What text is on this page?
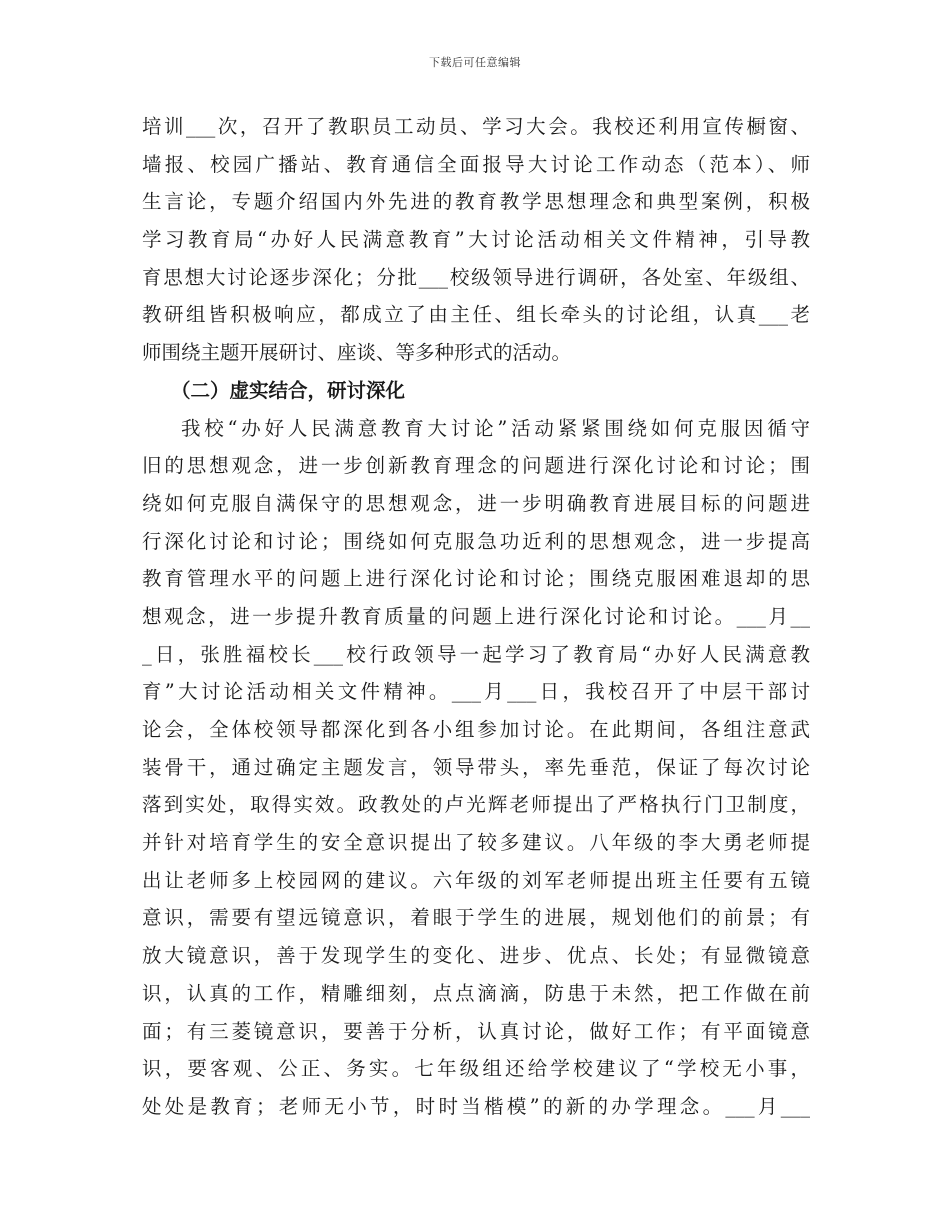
下载后可任意编辑
培训___次，召开了教职员工动员、学习大会。我校还利用宣传橱窗、
墙报、校园广播站、教育通信全面报导大讨论工作动态（范本）、师
生言论，专题介绍国内外先进的教育教学思想理念和典型案例，积极
学习教育局“办好人民满意教育”大讨论活动相关文件精神，引导教
育思想大讨论逐步深化；分批___校级领导进行调研，各处室、年级组、
教研组皆积极响应，都成立了由主任、组长牵头的讨论组，认真___老
师围绕主题开展研讨、座谈、等多种形式的活动。
（二）虚实结合，研讨深化
我校“办好人民满意教育大讨论”活动紧紧围绕如何克服因循守
旧的思想观念，进一步创新教育理念的问题进行深化讨论和讨论；围
绕如何克服自满保守的思想观念，进一步明确教育进展目标的问题进
行深化讨论和讨论；围绕如何克服急功近利的思想观念，进一步提高
教育管理水平的问题上进行深化讨论和讨论；围绕克服困难退却的思
想观念，进一步提升教育质量的问题上进行深化讨论和讨论。___月__
_日，张胜福校长___校行政领导一起学习了教育局“办好人民满意教
育”大讨论活动相关文件精神。___月___日，我校召开了中层干部讨
论会，全体校领导都深化到各小组参加讨论。在此期间，各组注意武
装骨干，通过确定主题发言，领导带头，率先垂范，保证了每次讨论
落到实处，取得实效。政教处的卢光辉老师提出了严格执行门卫制度，
并针对培育学生的安全意识提出了较多建议。八年级的李大勇老师提
出让老师多上校园网的建议。六年级的刘军老师提出班主任要有五镜
意识，需要有望远镜意识，着眼于学生的进展，规划他们的前景；有
放大镜意识，善于发现学生的变化、进步、优点、长处；有显微镜意
识，认真的工作，精雕细刻，点点滴滴，防患于未然，把工作做在前
面；有三菱镜意识，要善于分析，认真讨论，做好工作；有平面镜意
识，要客观、公正、务实。七年级组还给学校建议了“学校无小事，
处处是教育；老师无小节，时时当楷模”的新的办学理念。___月___
